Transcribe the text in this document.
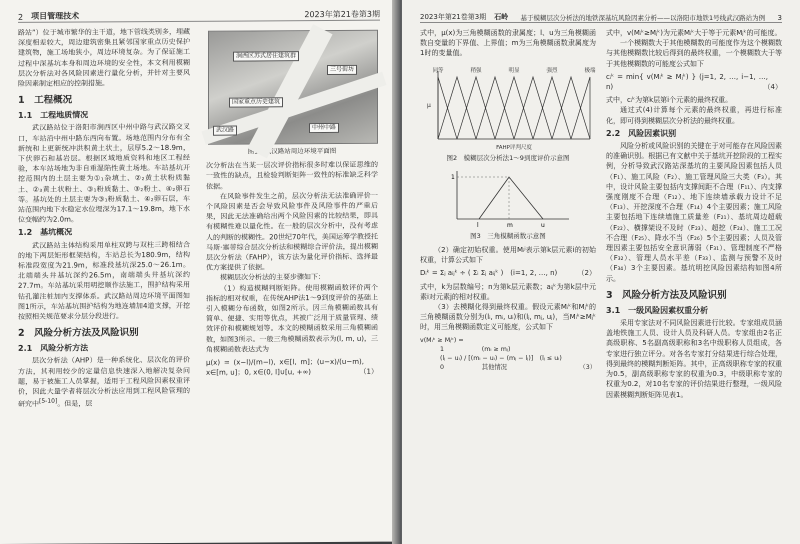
2 项目管理技术	2023年第21卷第3期

路站”）位于城市繁华的主干道，地下管线类别多，埋藏深度相差较大，周边建筑密集且紧邻国家重点历史保护建筑物，施工场地狭小，周边环境复杂。为了保证施工过程中深基坑本身和周边环境的安全性，本文利用模糊层次分析法对各风险因素进行量化分析，并针对主要风险因素制定相应的控制措施。

1　工程概况
1.1　工程地质情况

武汉路站位于洛阳市涧西区中州中路与武汉路交叉口，车站沿中州中路东西向布置。场地范围内分布有全新统和上更新统冲洪积黄土状土，层厚5.2～18.9m，下伏卵石和基岩层。根据区域地质资料和地区工程经验，本车站场地为非自重湿陷性黄土场地。车站基坑开挖范围内的土层主要为①₁杂填土、②₂黄土状粉质黏土、②₃黄土状粉土、③₁粉质黏土、③₂粉土、④₂卵石等。基坑处的土层主要为③₁粉质黏土、④₂卵石层，车站范围内地下水稳定水位埋深为17.1～19.8m，地下水位变幅约为2.0m。

1.2　基坑概况

武汉路站主体结构采用单柱双跨与双柱三跨相结合的地下两层矩形框架结构，车站总长为180.9m，结构标准段宽度为21.9m，标准段基坑深25.0～26.1m。北端端头井基坑深约26.5m，南端端头井基坑深约27.7m。车站基坑采用明挖顺作法施工，围护结构采用钻孔灌注桩加内支撑体系。武汉路站周边环境平面图如图1所示，车站基坑围护结构为地连墙加4道支撑，开挖按照相关规范要求分层分段进行。

2　风险分析方法及风险识别
2.1　风险分析方法

层次分析法（AHP）是一种系统化、层次化的评价方法，其利用较少的定量信息快速深入地解决复杂问题，易于被施工人员掌握，适用于工程风险因素权重评价，因此大量学者将层次分析法应用到工程风险管理的研究中[5-10]。但是，层

涧西区苏式居住建筑群
三号街坊
国家重点历史建筑
中州中路
武汉路
图1　武汉路站周边环境平面图

次分析法在当某一层次评价指标很多时难以保证思维的一致性的缺点，且检验判断矩阵一致性的标准缺乏科学依据。

在风险事件发生之前，层次分析法无法准确评价一个风险因素是否会导致风险事件及风险事件的严重后果，因此无法准确给出两个风险因素的比较结果，即具有模糊性难以量化性。在一般的层次分析中，没有考虑人的判断的模糊性。20世纪70年代，美国运筹学教授托马斯·塞蒂综合层次分析法和模糊综合评价法，提出模糊层次分析法（FAHP），该方法为量化评价指标、选择最优方案提供了依据。

模糊层次分析法的主要步骤如下：

（1）构造模糊判断矩阵。使用模糊函数评价两个指标的相对权重，在传统AHP法1～9到度评价的基础上引入模糊分布函数，如图2所示。因三角模糊函数具有简单、便捷、实用等优点，其被广泛用于质量管理、绩效评价和模糊规划等。本文的模糊函数采用三角模糊函数，如图3所示。一般三角模糊函数表示为(l, m, u)，三角模糊函数表达式为

μ(x) = (x−l)/(m−l), x∈[l, m]；(u−x)/(u−m), x∈[m, u]；0, x∈(0, l]∪[u, +∞)	（1）
2023年第21卷第3期 石岭	基于模糊层次分析法的地铁深基坑风险因素分析——以洛阳市地铁1号线武汉路站为例	3

式中，μ(x)为三角模糊函数的隶属度；l、u为三角模糊函数自变量的下界值、上界值；m为三角模糊函数隶属度为1时的变量值。

同等	稍强	明显	强烈	极端
μ
FAHP评判尺度
图2　模糊层次分析法1～9到度评价示意图
l	m	u
1
图3　三角模糊函数示意图

（2）确定初始权重。使用Mᵢʲ表示第k层元素i的初始权重，计算公式如下

Dᵢᵏ = Σⱼ aᵢⱼᵏ ÷ ( Σᵢ Σⱼ aᵢⱼᵏ )　(i=1, 2, …, n)	（2）

式中，k为层数编号；n为第k层元素数；aᵢⱼᵏ为第k层中元素i对元素j的相对权重。

（3）去模糊化得到最终权重。假设元素Mᵢᵏ和Mⱼᵏ的三角模糊函数分别为(lᵢ, mᵢ, uᵢ)和(lⱼ, mⱼ, uⱼ)，当Mᵢᵏ≥Mⱼᵏ时，用三角模糊函数定义可能度，公式如下

v(Mᵢᵏ ≥ Mⱼᵏ) =
1　　　　　　(mᵢ ≥ mⱼ)
(lⱼ − uᵢ) / [(mᵢ − uᵢ) − (mⱼ − lⱼ)]　(lⱼ ≤ uᵢ)
0　　　　　　其他情况	（3）

式中，v(Mᵢᵏ≥Mⱼᵏ)为元素Mᵢᵏ大于等于元素Mⱼᵏ的可能度。

一个模糊数大于其他模糊数的可能度作为这个模糊数与其他模糊数比较后得到的最终权重，一个模糊数大于等于其他模糊数的可能度公式如下

cᵢᵏ = min{ v(Mᵢᵏ ≥ Mⱼᵏ) } (j=1, 2, …, i−1, …, n)	（4）

式中，cᵢᵏ为第k层第i个元素的最终权重。

通过式(4)计算每个元素的最终权重，再进行标准化，即可得到模糊层次分析法的最终权重。

2.2　风险因素识别

风险分析或风险识别的关键在于对可能存在风险因素的准确识别。根据已有文献中关于基坑开挖阶段的工程实例，分析导致武汉路站深基坑的主要风险因素包括人员（F₁）、施工风险（F₂）、施工管理风险三大类（F₃）。其中，设计风险主要包括内支撑间距不合理（F₁₁）、内支撑强度刚度不合理（F₁₂）、地下连续墙承载力设计不足（F₁₃）、开挖深度不合理（F₁₄）4个主要因素；施工风险主要包括地下连续墙施工质量差（F₂₁）、基坑周边超载（F₂₂）、横撑架设不及时（F₂₃）、超挖（F₂₄）、施工工况不合理（F₂₅）、降水不当（F₂₆）5个主要因素；人员及管理因素主要包括安全意识薄弱（F₃₁）、管理制度不严格（F₃₂）、管理人员水平差（F₃₃）、监测与预警不及时（F₃₄）3个主要因素。基坑明挖风险因素结构如图4所示。

3　风险分析方法及风险识别
3.1　一级风险因素权重分析

采用专家法对不同风险因素进行比较。专家组成员涵盖地铁施工人员、设计人员及科研人员。专家组由2名正高级职称、5名副高级职称和3名中级职称人员组成，各专家进行独立评分。对各名专家打分结果进行综合处理，得到最终的模糊判断矩阵。其中，正高级职称专家的权重为0.5，副高级职称专家的权重为0.3，中级职称专家的权重为0.2，对10名专家的评价结果进行整理，一级风险因素模糊判断矩阵见表1。
